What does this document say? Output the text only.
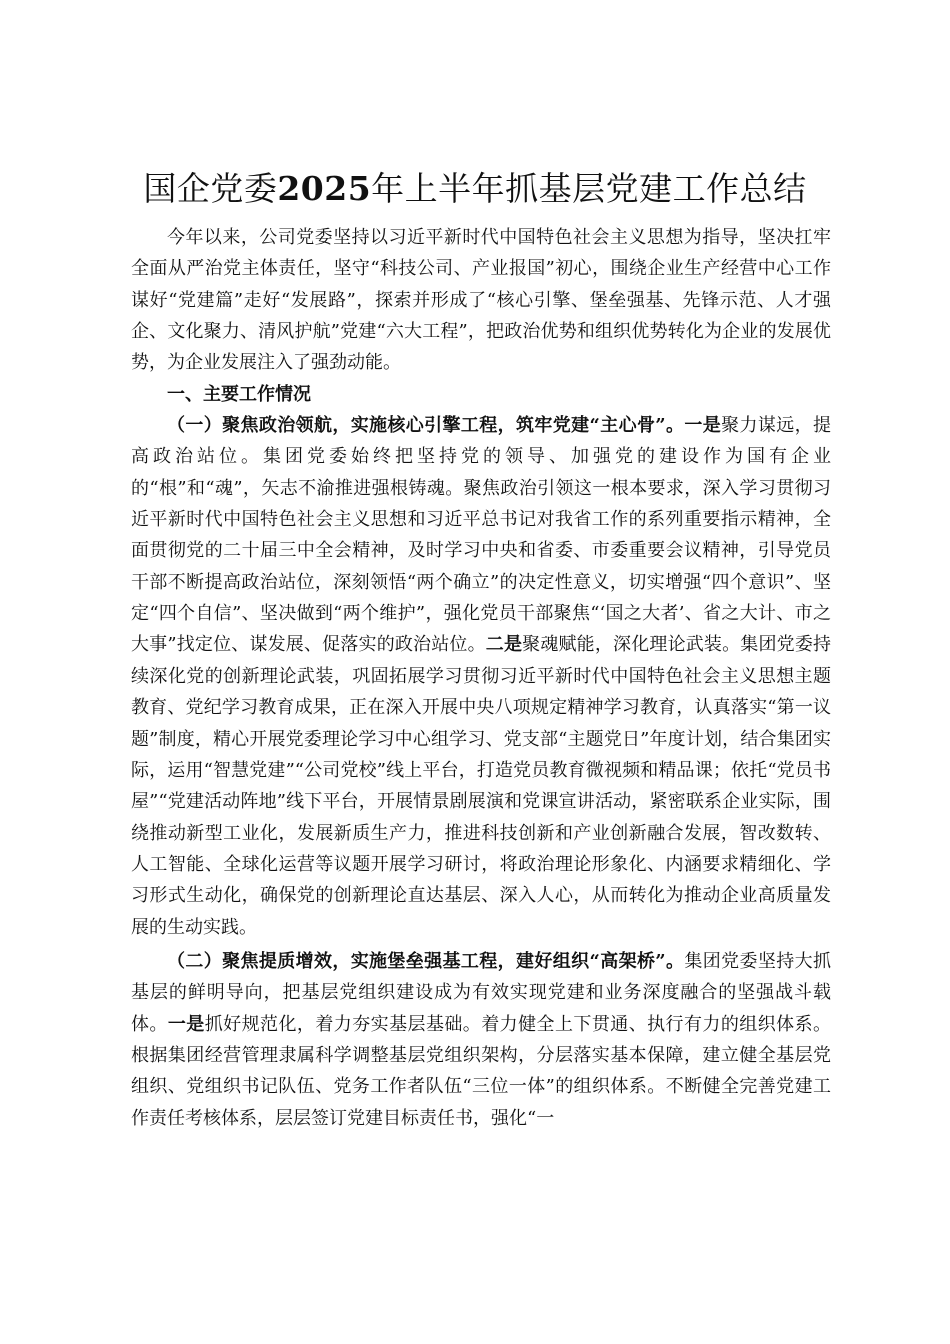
国企党委2025年上半年抓基层党建工作总结

今年以来，公司党委坚持以习近平新时代中国特色社会主义思想为指导，坚决扛牢全面从严治党主体责任，坚守“科技公司、产业报国”初心，围绕企业生产经营中心工作谋好“党建篇”走好“发展路”，探索并形成了“核心引擎、堡垒强基、先锋示范、人才强企、文化聚力、清风护航”党建“六大工程”，把政治优势和组织优势转化为企业的发展优势，为企业发展注入了强劲动能。

一、主要工作情况

（一）聚焦政治领航，实施核心引擎工程，筑牢党建“主心骨”。一是聚力谋远，提高政治站位。集团党委始终把坚持党的领导、加强党的建设作为国有企业的“根”和“魂”，矢志不渝推进强根铸魂。聚焦政治引领这一根本要求，深入学习贯彻习近平新时代中国特色社会主义思想和习近平总书记对我省工作的系列重要指示精神，全面贯彻党的二十届三中全会精神，及时学习中央和省委、市委重要会议精神，引导党员干部不断提高政治站位，深刻领悟“两个确立”的决定性意义，切实增强“四个意识”、坚定“四个自信”、坚决做到“两个维护”，强化党员干部聚焦“‘国之大者’、省之大计、市之大事”找定位、谋发展、促落实的政治站位。二是聚魂赋能，深化理论武装。集团党委持续深化党的创新理论武装，巩固拓展学习贯彻习近平新时代中国特色社会主义思想主题教育、党纪学习教育成果，正在深入开展中央八项规定精神学习教育，认真落实“第一议题”制度，精心开展党委理论学习中心组学习、党支部“主题党日”年度计划，结合集团实际，运用“智慧党建”“公司党校”线上平台，打造党员教育微视频和精品课；依托“党员书屋”“党建活动阵地”线下平台，开展情景剧展演和党课宣讲活动，紧密联系企业实际，围绕推动新型工业化，发展新质生产力，推进科技创新和产业创新融合发展，智改数转、人工智能、全球化运营等议题开展学习研讨，将政治理论形象化、内涵要求精细化、学习形式生动化，确保党的创新理论直达基层、深入人心，从而转化为推动企业高质量发展的生动实践。

（二）聚焦提质增效，实施堡垒强基工程，建好组织“高架桥”。集团党委坚持大抓基层的鲜明导向，把基层党组织建设成为有效实现党建和业务深度融合的坚强战斗载体。一是抓好规范化，着力夯实基层基础。着力健全上下贯通、执行有力的组织体系。根据集团经营管理隶属科学调整基层党组织架构，分层落实基本保障，建立健全基层党组织、党组织书记队伍、党务工作者队伍“三位一体”的组织体系。不断健全完善党建工作责任考核体系，层层签订党建目标责任书，强化“一
